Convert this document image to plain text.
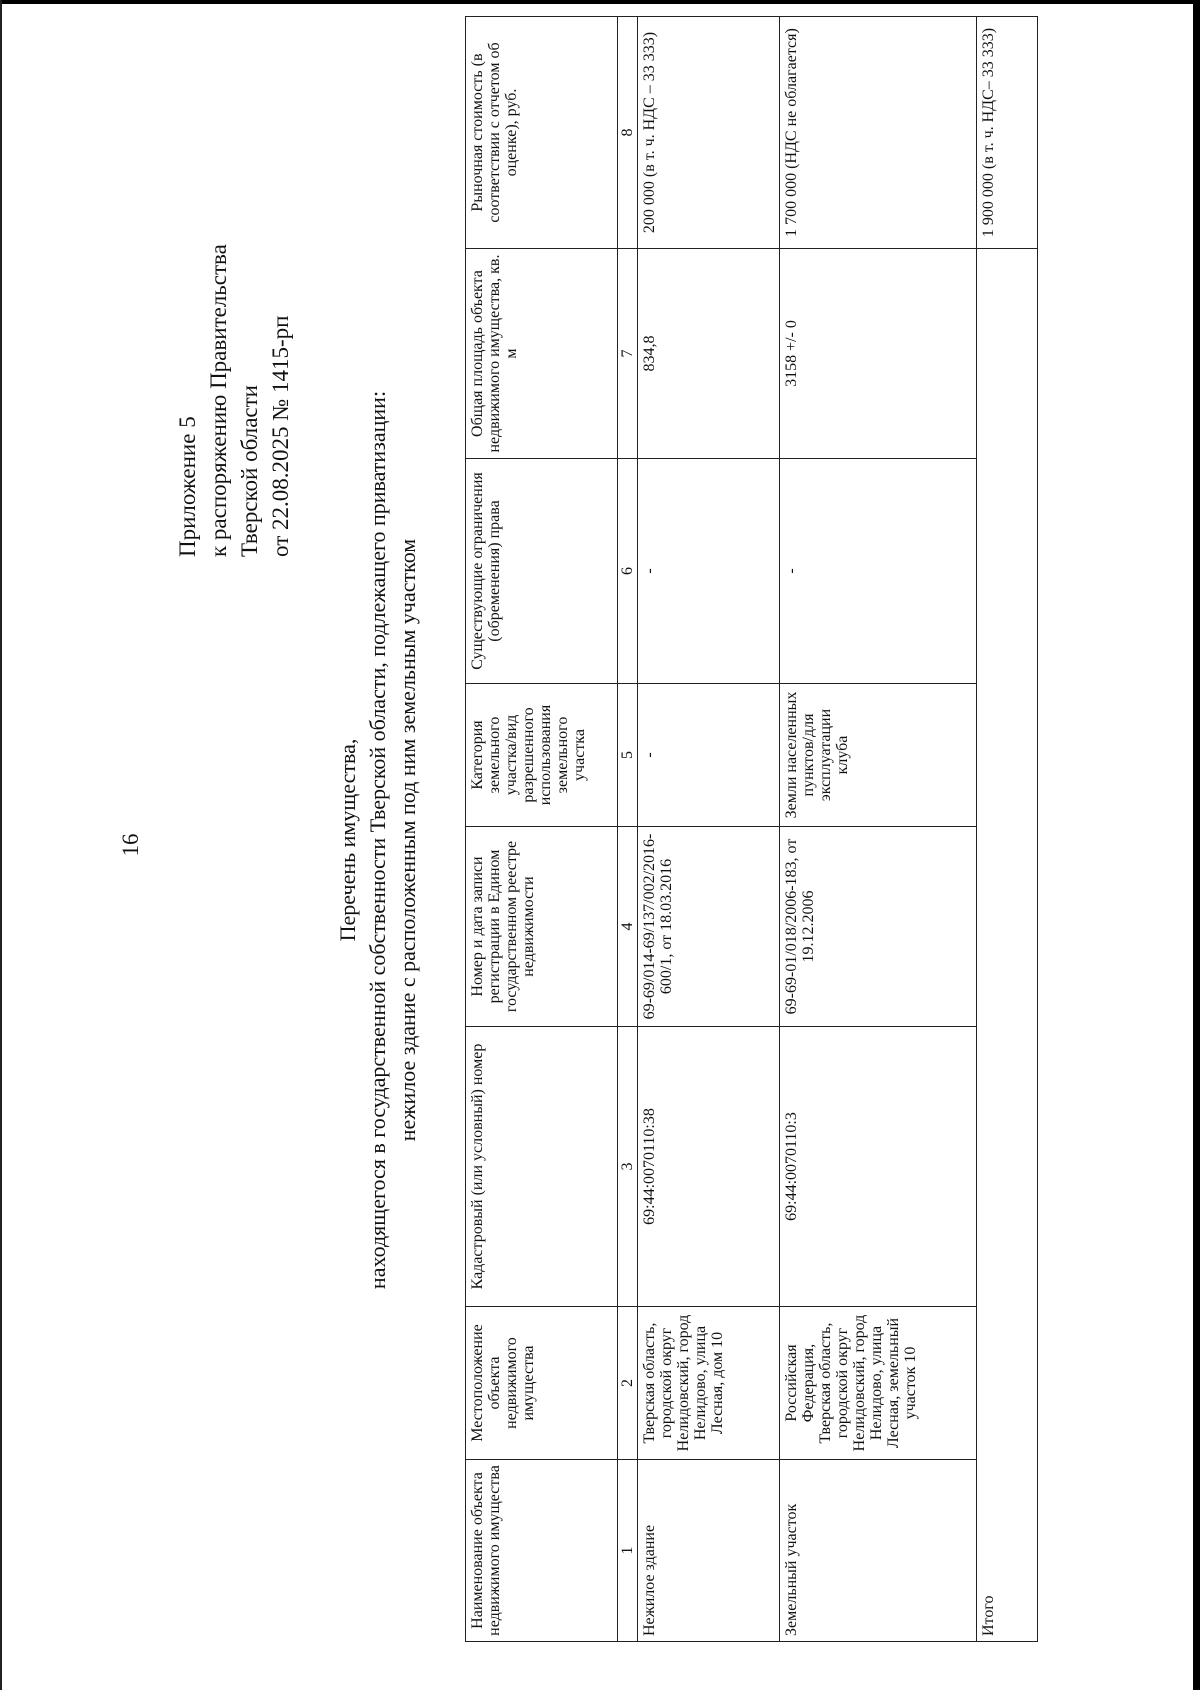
16
Приложение 5 к распоряжению Правительства Тверской области от 22.08.2025 № 1415-рп
Перечень имущества, находящегося в государственной собственности Тверской области, подлежащего приватизации: нежилое здание с расположенным под ним земельным участком
Наименование объекта недвижимого имущества	Местоположение объекта недвижимого имущества	Кадастровый (или условный) номер	Номер и дата записи регистрации в Едином государственном реестре недвижимости	Категория земельного участка/вид разрешенного использования земельного участка	Существующие ограничения (обременения) права	Общая площадь объекта недвижимого имущества, кв. м	Рыночная стоимость (в соответствии с отчетом об оценке), руб.
1	2	3	4	5	6	7	8
Нежилое здание	Тверская область, городской округ Нелидовский, город Нелидово, улица Лесная, дом 10	69:44:0070110:38	69-69/014-69/137/002/2016-600/1, от 18.03.2016	-	-	834,8	200 000 (в т. ч. НДС – 33 333)
Земельный участок	Российская Федерация, Тверская область, городской округ Нелидовский, город Нелидово, улица Лесная, земельный участок 10	69:44:0070110:3	69-69-01/018/2006-183, от 19.12.2006	Земли населенных пунктов/для эксплуатации клуба	-	3158 +/- 0	1 700 000 (НДС не облагается)
Итого							1 900 000 (в т. ч. НДС– 33 333)
